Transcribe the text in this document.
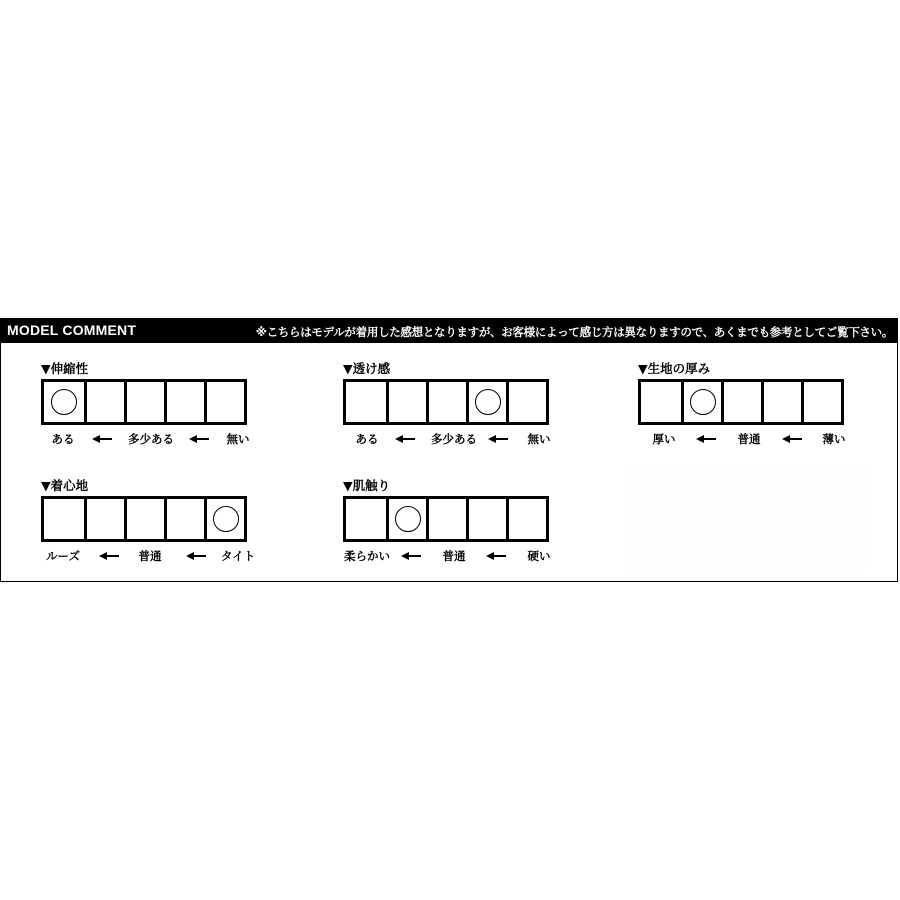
MODEL COMMENT	※こちらはモデルが着用した感想となりますが、お客様によって感じ方は異なりますので、あくまでも参考としてご覧下さい。
▼伸縮性
ある	多少ある	無い
▼透け感
ある	多少ある	無い
▼生地の厚み
厚い	普通	薄い
▼着心地
ルーズ	普通	タイト
▼肌触り
柔らかい	普通	硬い
